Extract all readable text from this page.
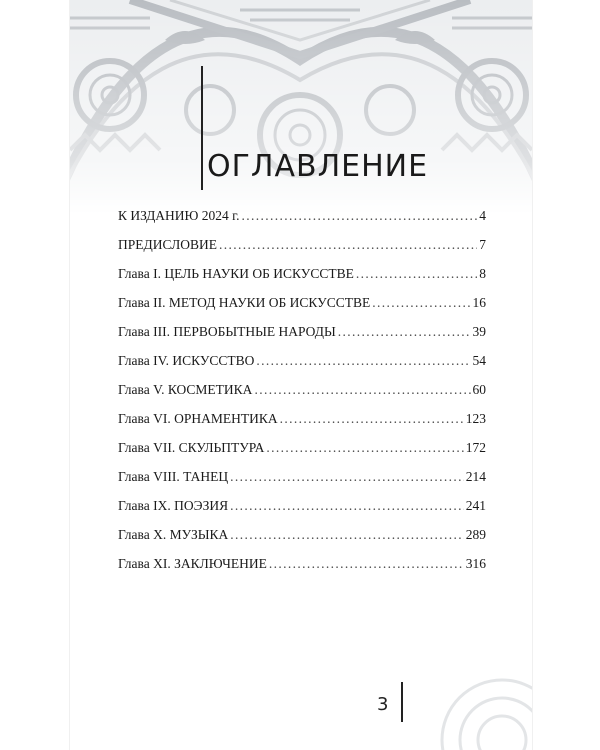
ОГЛАВЛЕНИЕ
К ИЗДАНИЮ 2024 г. . . .	4
ПРЕДИСЛОВИЕ . . .	7
Глава I. ЦЕЛЬ НАУКИ ОБ ИСКУССТВЕ . . .	8
Глава II. МЕТОД НАУКИ ОБ ИСКУССТВЕ . . .	16
Глава III. ПЕРВОБЫТНЫЕ НАРОДЫ . . .	39
Глава IV. ИСКУССТВО . . .	54
Глава V. КОСМЕТИКА . . .	60
Глава VI. ОРНАМЕНТИКА . . .	123
Глава VII. СКУЛЬПТУРА . . .	172
Глава VIII. ТАНЕЦ . . .	214
Глава IX. ПОЭЗИЯ . . .	241
Глава X. МУЗЫКА . . .	289
Глава XI. ЗАКЛЮЧЕНИЕ . . .	316
3
